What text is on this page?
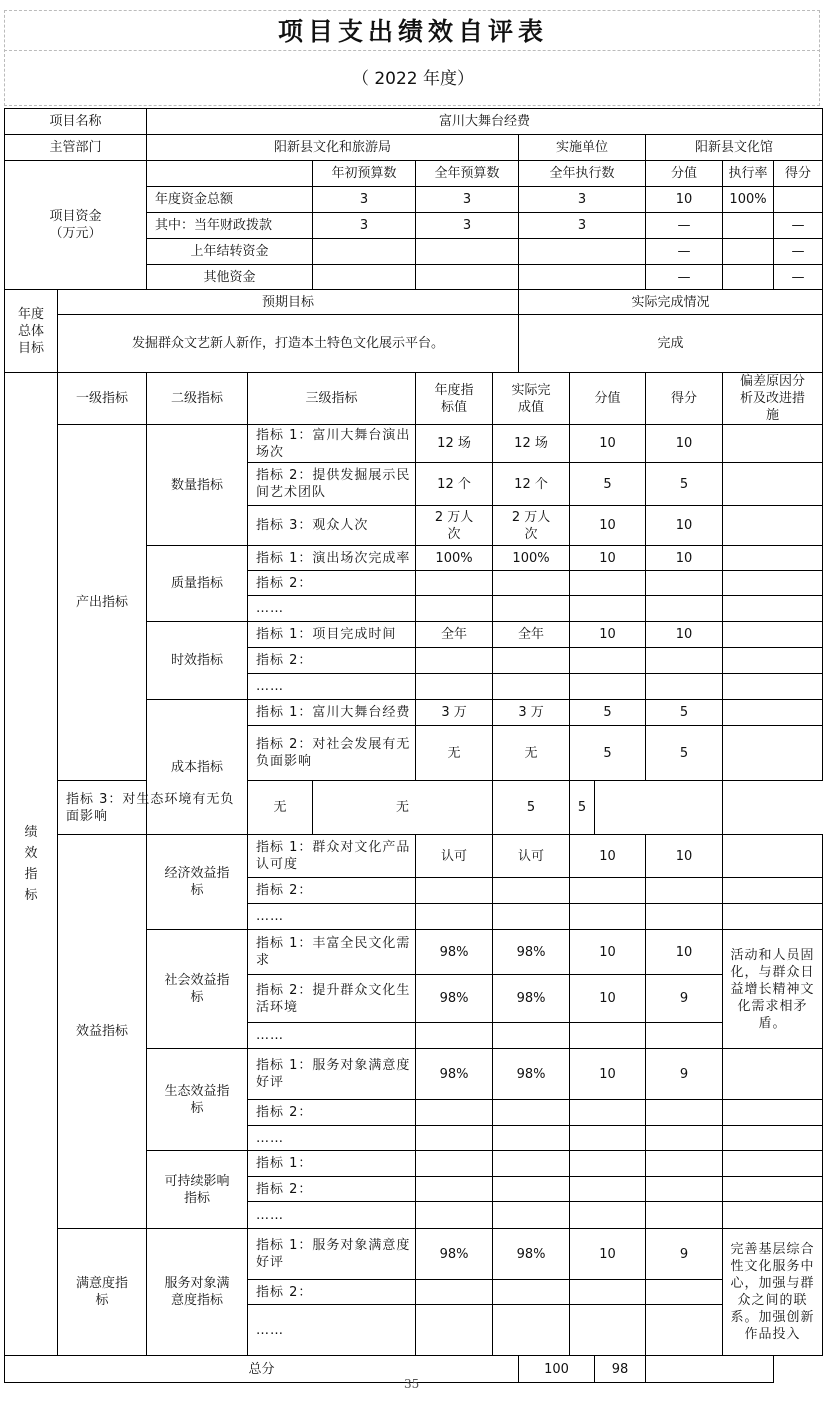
项目支出绩效自评表
（ 2022 年度）
项目名称		富川大舞台经费										
主管部门		阳新县文化和旅游局					实施单位			阳新县文化馆		

项目资金
（万元）				年初预算数	全年预算数		全年执行数			分值	执行率	得分
		年度资金总额		3	3		3			10	100%	
		其中：当年财政拨款		3	3		3			—		—
		上年结转资金								—		—
		其他资金								—		—
年度总体目标	预期目标						实际完成情况					
	发掘群众文艺新人新作，打造本土特色文化展示平台。						完成					
绩效指标	一级指标	二级指标	三级指标		年度指标值	实际完成值		分值		得分	偏差原因分析及改进措施	
	产出指标	数量指标	指标 1：富川大舞台演出场次		12 场	12 场		10		10		
			指标 2：提供发掘展示民间艺术团队		12 个	12 个		5		5		
			指标 3：观众人次		2 万人次	2 万人次		10		10		
		质量指标	指标 1：演出场次完成率		100%	100%		10		10		
			指标 2：									
			……									
		时效指标	指标 1：项目完成时间		全年	全年		10		10		
			指标 2：									
			……									
		成本指标	指标 1：富川大舞台经费		3 万	3 万		5		5		
			指标 2：对社会发展有无负面影响		无	无		5		5		
	指标 3：对生态环境有无负面影响		无	无		5		5				
	效益指标	经济效益指标	指标 1：群众对文化产品认可度		认可	认可		10		10		
			指标 2：									
			……									
		社会效益指标	指标 1：丰富全民文化需求		98%	98%		10		10	活动和人员固化，与群众日益增长精神文化需求相矛盾。	
			指标 2：提升群众文化生活环境		98%	98%		10		9		
			……									
		生态效益指标	指标 1：服务对象满意度好评		98%	98%		10		9		
			指标 2：									
			……									
		可持续影响指标	指标 1：									
			指标 2：									
			……									
	满意度指标	服务对象满意度指标	指标 1：服务对象满意度好评		98%	98%		10		9	完善基层综合性文化服务中心，加强与群众之间的联系。加强创新作品投入	
			指标 2：									
			……									
总分							100		98			
35
